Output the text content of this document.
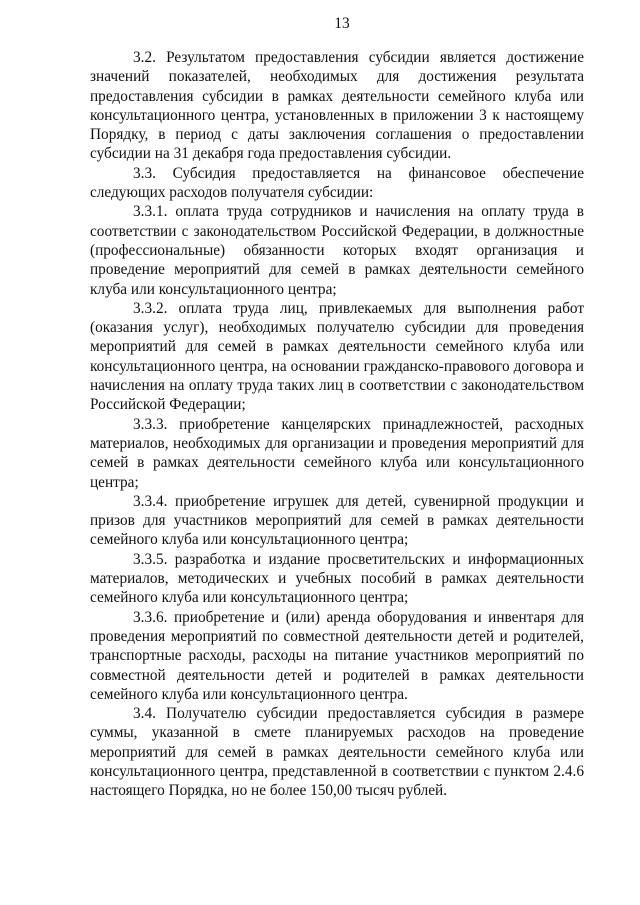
13

3.2. Результатом предоставления субсидии является достижение значений показателей, необходимых для достижения результата предоставления субсидии в рамках деятельности семейного клуба или консультационного центра, установленных в приложении 3 к настоящему Порядку, в период с даты заключения соглашения о предоставлении субсидии на 31 декабря года предоставления субсидии.

3.3. Субсидия предоставляется на финансовое обеспечение следующих расходов получателя субсидии:

3.3.1. оплата труда сотрудников и начисления на оплату труда в соответствии с законодательством Российской Федерации, в должностные (профессиональные) обязанности которых входят организация и проведение мероприятий для семей в рамках деятельности семейного клуба или консультационного центра;

3.3.2. оплата труда лиц, привлекаемых для выполнения работ (оказания услуг), необходимых получателю субсидии для проведения мероприятий для семей в рамках деятельности семейного клуба или консультационного центра, на основании гражданско-правового договора и начисления на оплату труда таких лиц в соответствии с законодательством Российской Федерации;

3.3.3. приобретение канцелярских принадлежностей, расходных материалов, необходимых для организации и проведения мероприятий для семей в рамках деятельности семейного клуба или консультационного центра;

3.3.4. приобретение игрушек для детей, сувенирной продукции и призов для участников мероприятий для семей в рамках деятельности семейного клуба или консультационного центра;

3.3.5. разработка и издание просветительских и информационных материалов, методических и учебных пособий в рамках деятельности семейного клуба или консультационного центра;

3.3.6. приобретение и (или) аренда оборудования и инвентаря для проведения мероприятий по совместной деятельности детей и родителей, транспортные расходы, расходы на питание участников мероприятий по совместной деятельности детей и родителей в рамках деятельности семейного клуба или консультационного центра.

3.4. Получателю субсидии предоставляется субсидия в размере суммы, указанной в смете планируемых расходов на проведение мероприятий для семей в рамках деятельности семейного клуба или консультационного центра, представленной в соответствии с пунктом 2.4.6 настоящего Порядка, но не более 150,00 тысяч рублей.
